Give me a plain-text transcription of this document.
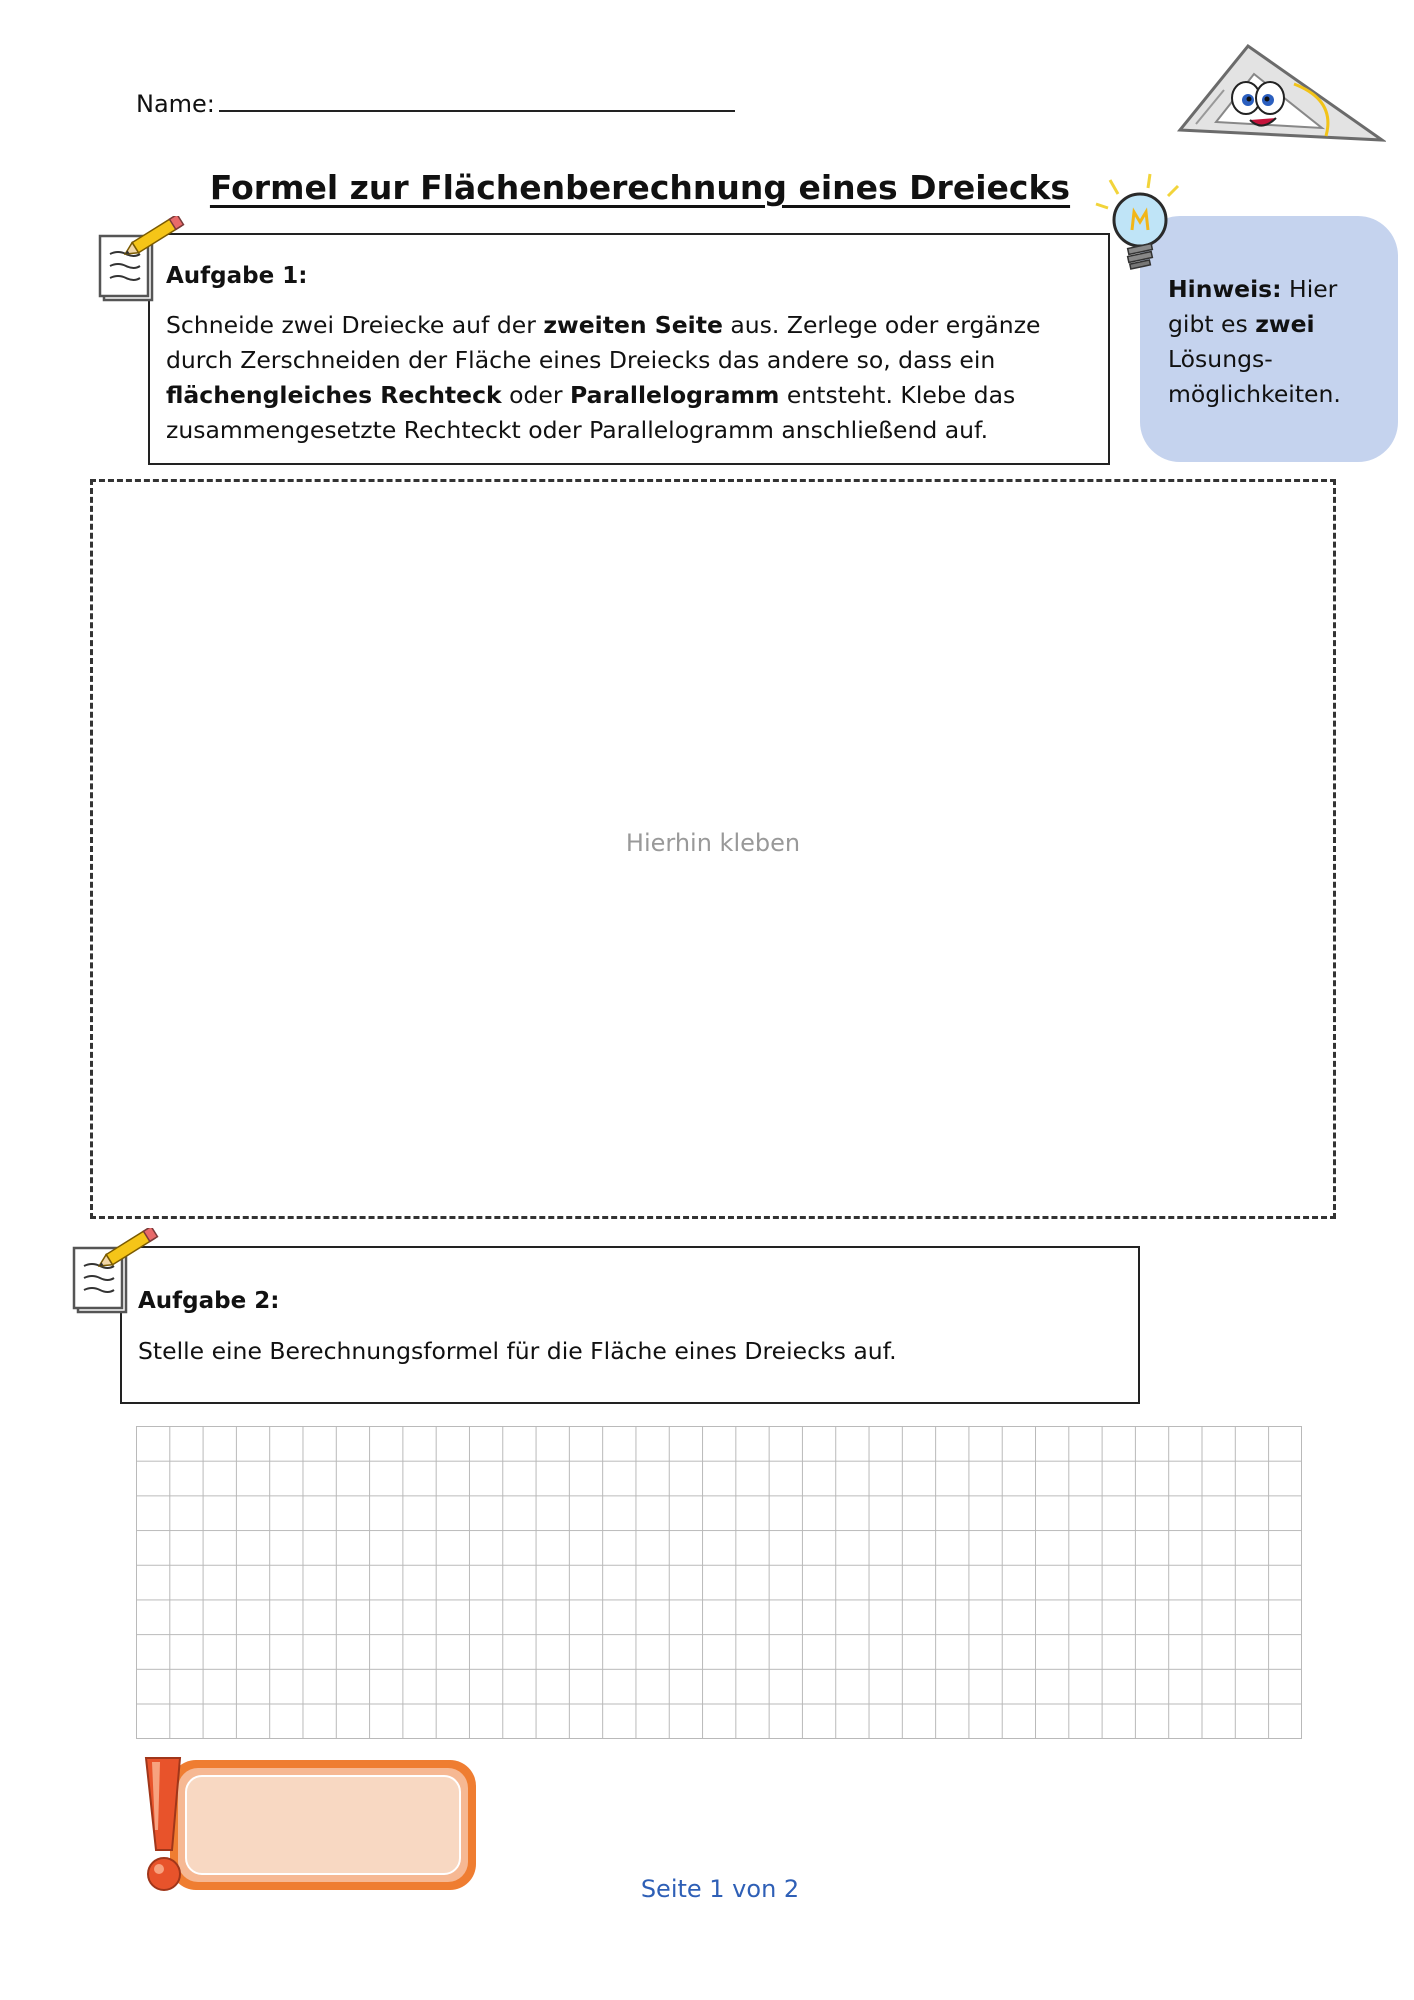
Name:
Formel zur Flächenberechnung eines Dreiecks
Aufgabe 1:
Schneide zwei Dreiecke auf der zweiten Seite aus. Zerlege oder ergänze durch Zerschneiden der Fläche eines Dreiecks das andere so, dass ein flächengleiches Rechteck oder Parallelogramm entsteht. Klebe das zusammengesetzte Rechteckt oder Parallelogramm anschließend auf.
Hinweis: Hier gibt es zwei Lösungs-möglichkeiten.
Hierhin kleben
Aufgabe 2:
Stelle eine Berechnungsformel für die Fläche eines Dreiecks auf.
Seite 1 von 2
